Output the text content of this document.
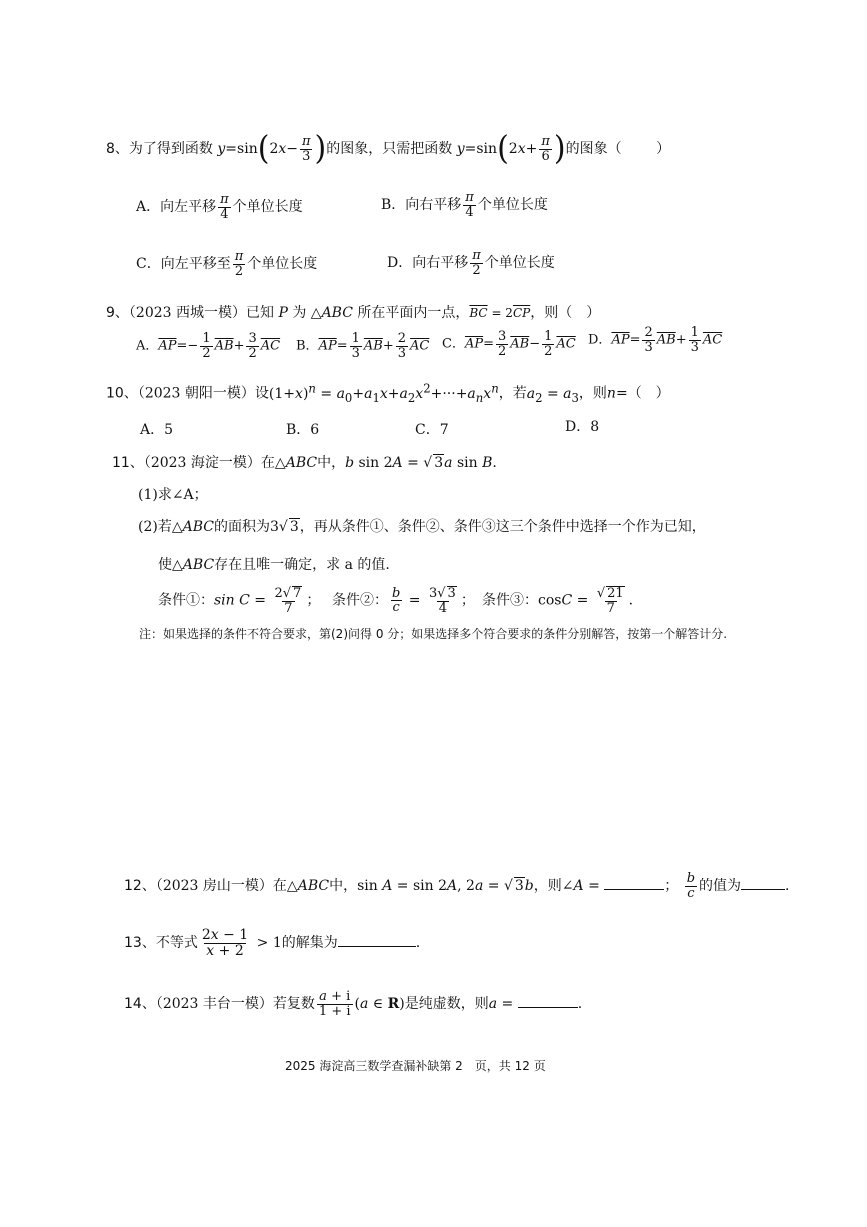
8、为了得到函数 $y=\sin(2x- \frac{\pi}{3}$ )的图象，只需把函数 $y=\sin(2x+ \frac{\pi}{6}$ )的图象（ ）
A．向左平移 $\frac{\pi}{4}$ 个单位长度	B．向右平移 $\frac{\pi}{4}$ 个单位长度
C．向左平移至 $\frac{\pi}{2}$ 个单位长度	D．向右平移 $\frac{\pi}{2}$ 个单位长度
9、（2023 西城一模）已知 P 为 △ABC 所在平面内一点，$\overline{BC} = 2\overline{CP}$，则（　）
A．$\overline{AP}=- \frac{1}{2} \overline{AB}+ \frac{3}{2} \overline{AC}$ B．$\overline{AP}= \frac{1}{3} \overline{AB}+ \frac{2}{3} \overline{AC}$ C．$\overline{AP}= \frac{3}{2} \overline{AB}- \frac{1}{2} \overline{AC}$ D．$\overline{AP}= \frac{2}{3} \overline{AB}+ \frac{1}{3} \overline{AC}$
10、（2023 朝阳一模）设$(1+x)^n = a_0+a_1x+a_2x^2+\cdot\cdot\cdot+a_nx^n$，若$a_2 = a_3$，则n=（　）
A．5	B．6	C．7	D．8
11、（2023 海淀一模）在△ABC中，b sin 2A = √ 3a sin B.
(1)求∠A；
(2)若△ABC的面积为3√ 3，再从条件①、条件②、条件③这三个条件中选择一个作为已知，
使△ABC存在且唯一确定，求 a 的值.
条件①：$\sin C = \frac{2√ 7}{7}$ ； 条件②： $\frac{b}{c} = \frac{3√ 3}{4}$ ； 条件③：$\cos C = \frac{√ 21}{7}$ .
注：如果选择的条件不符合要求，第(2)问得 0 分；如果选择多个符合要求的条件分别解答，按第一个解答计分.
12、（2023 房山一模）在△ABC中，sin A = sin 2A, 2a = √ 3b，则∠A =	； $\frac{b}{c}$ 的值为	.
13、不等式 $\frac{2x - 1}{x + 2} > 1$的解集为	.
14、（2023 丰台一模）若复数 $\frac{a + i}{1 + i} (a$ ∈ R)是纯虚数，则a =	.
2025 海淀高三数学查漏补缺第 2　页，共 12 页
